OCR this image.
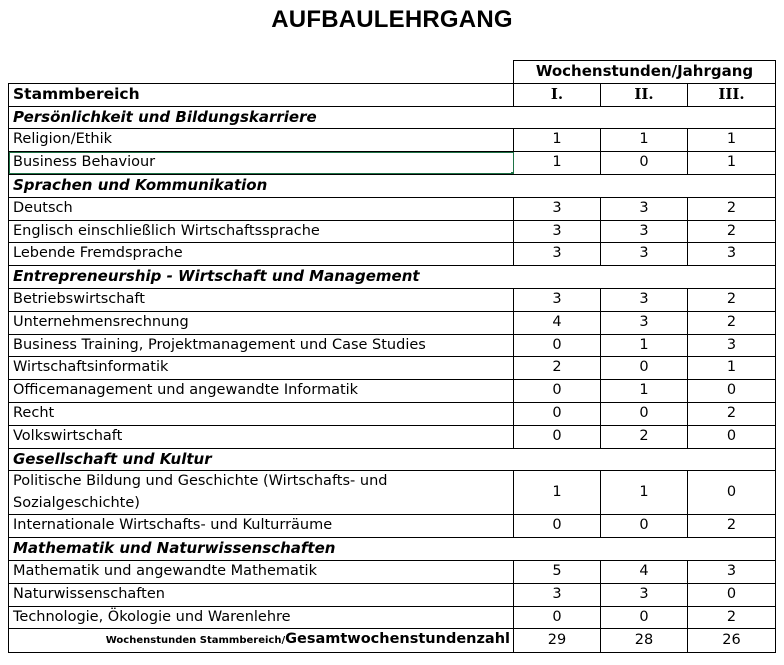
AUFBAULEHRGANG
	Wochenstunden/Jahrgang		
Stammbereich	I.	II.	III.
Persönlichkeit und Bildungskarriere			
Religion/Ethik	1	1	1
Business Behaviour	1	0	1
Sprachen und Kommunikation			
Deutsch	3	3	2
Englisch einschließlich Wirtschaftssprache	3	3	2
Lebende Fremdsprache	3	3	3
Entrepreneurship - Wirtschaft und Management			
Betriebswirtschaft	3	3	2
Unternehmensrechnung	4	3	2
Business Training, Projektmanagement und Case Studies	0	1	3
Wirtschaftsinformatik	2	0	1
Officemanagement und angewandte Informatik	0	1	0
Recht	0	0	2
Volkswirtschaft	0	2	0
Gesellschaft und Kultur			
Politische Bildung und Geschichte (Wirtschafts- und Sozialgeschichte)	1	1	0
Internationale Wirtschafts- und Kulturräume	0	0	2
Mathematik und Naturwissenschaften			
Mathematik und angewandte Mathematik	5	4	3
Naturwissenschaften	3	3	0
Technologie, Ökologie und Warenlehre	0	0	2
Wochenstunden Stammbereich/Gesamtwochenstundenzahl	29	28	26
